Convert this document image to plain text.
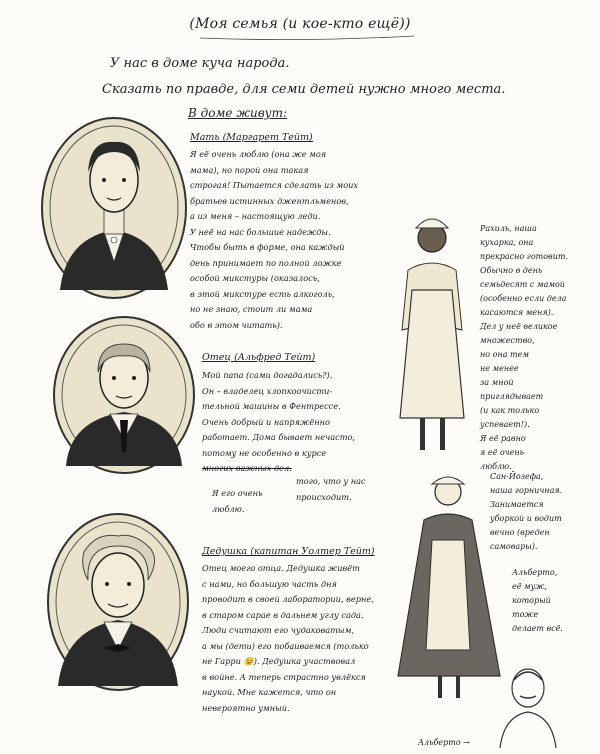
(Моя семья (и кое-кто ещё))
У нас в доме куча народа.
Сказать по правде, для семи детей нужно много места.
В доме живут:
Мать (Маргарет Тейт)
Я её очень люблю (она же моя
мама), но порой она такая
строгая! Пытается сделать из моих
братьев истинных джентльменов,
а из меня – настоящую леди.
У неё на нас большие надежды.
Чтобы быть в форме, она каждый
день принимает по полной ложке
особой микстуры (оказалось,
в этой микстуре есть алкоголь,
но не знаю, стоит ли мама
обо в этом читать).
Отец (Альфред Тейт)
Мой папа (сами догадались?).
Он – владелец хлопкоочисти-
тельной машины в Фентрессе.
Очень добрый и напряжённо
работает. Дома бывает нечасто,
потому не особенно в курсе
многих важных дел.
того, что у нас
происходит.
Я его очень
люблю.
Дедушка (капитан Уолтер Тейт)
Отец моего отца. Дедушка живёт
с нами, но большую часть дня
проводит в своей лаборатории, верне,
в старом сарае в дальнем углу сада.
Люди считают его чудаковатым,
а мы (дети) его побаиваемся (только
не Гарри 😉). Дедушка участвовал
в войне. А теперь страстно увлёкся
наукой. Мне кажется, что он
невероятно умный.
Рахиль, наша
кухарка, она
прекрасно готовит.
Обычно в день
семьдесят с мамой
(особенно если дела
касаются меня).
Дел у неё великое
множество,
но она тем
не менее
за мной
приглядывает
(и как только
успевает!).
Я её равно
я её очень
люблю.
Сан-Йозефа,
наша горничная.
Занимается
уборкой и водит
вечно (вреден
самовары).
Альберто,
её муж,
который
тоже
делает всё.
Альберто →
